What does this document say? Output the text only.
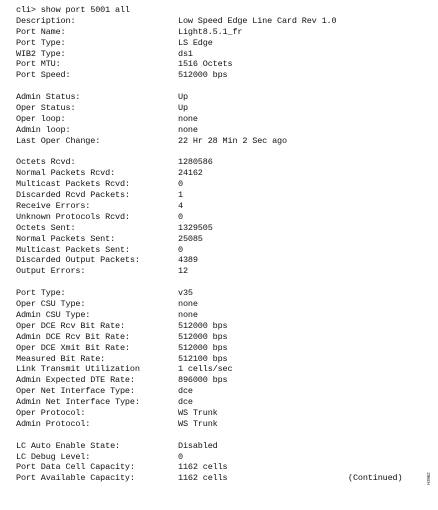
cli> show port 5001 all

Description:	Low Speed Edge Line Card Rev 1.0
Port Name:	Light8.5.1_fr
Port Type:	LS Edge
WIB2 Type:	ds1
Port MTU:	1516 Octets
Port Speed:	512000 bps
Admin Status:	Up
Oper Status:	Up
Oper loop:	none
Admin loop:	none
Last Oper Change:	22 Hr 28 Min 2 Sec ago
Octets Rcvd:	1280586
Normal Packets Rcvd:	24162
Multicast Packets Rcvd:	0
Discarded Rcvd Packets:	1
Receive Errors:	4
Unknown Protocols Rcvd:	0
Octets Sent:	1329505
Normal Packets Sent:	25085
Multicast Packets Sent:	0
Discarded Output Packets:	4389
Output Errors:	12
Port Type:	v35
Oper CSU Type:	none
Admin CSU Type:	none
Oper DCE Rcv Bit Rate:	512000 bps
Admin DCE Rcv Bit Rate:	512000 bps
Oper DCE Xmit Bit Rate:	512000 bps
Measured Bit Rate:	512100 bps
Link Transmit Utilization	1 cells/sec
Admin Expected DTE Rate:	896000 bps
Oper Net Interface Type:	dce
Admin Net Interface Type:	dce
Oper Protocol:	WS Trunk
Admin Protocol:	WS Trunk
LC Auto Enable State:	Disabled
LC Debug Level:	0
Port Data Cell Capacity:	1162 cells
Port Available Capacity:	1162 cells	(Continued)	H3962
